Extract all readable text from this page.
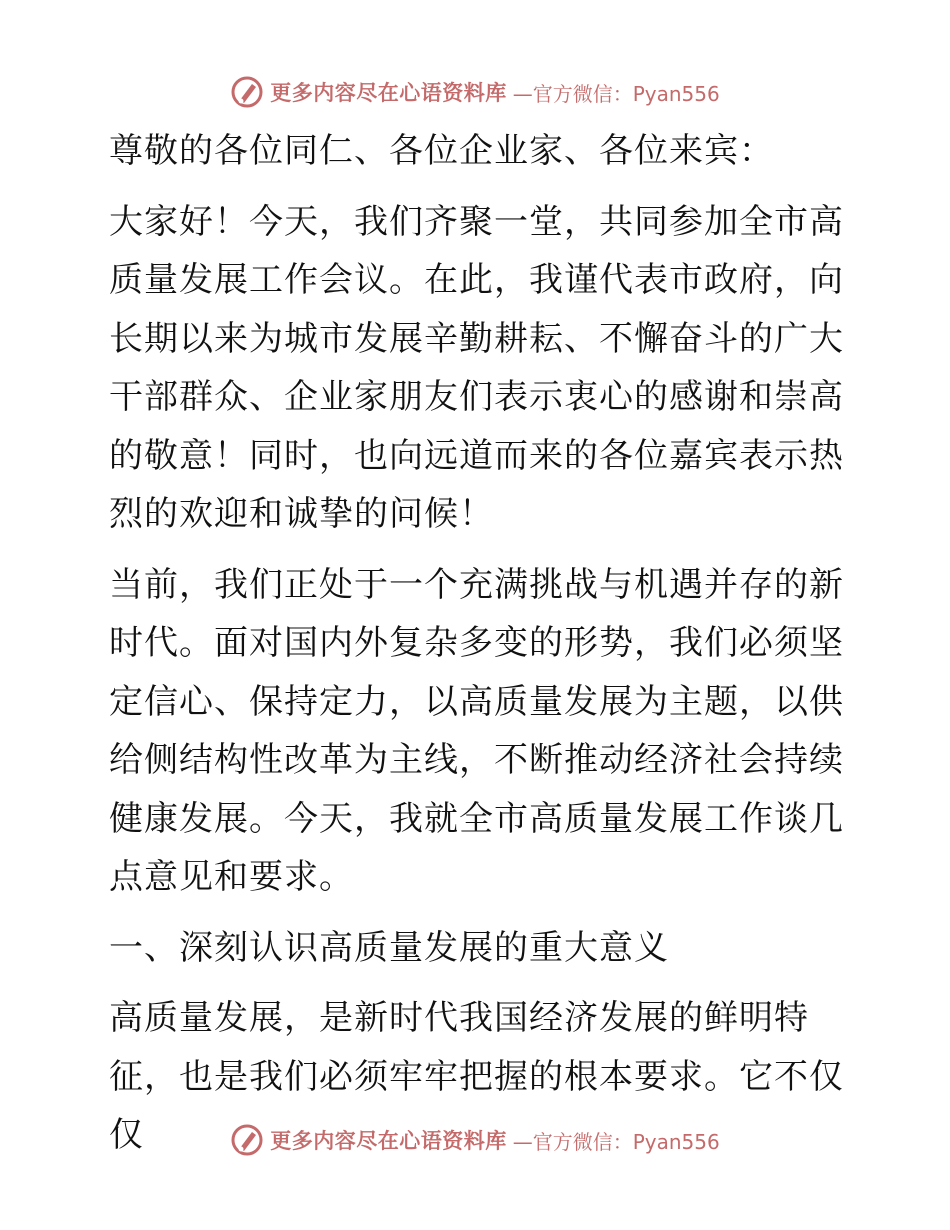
更多内容尽在心语资料库 —官方微信：Pyan556

尊敬的各位同仁、各位企业家、各位来宾：

大家好！今天，我们齐聚一堂，共同参加全市高质量发展工作会议。在此，我谨代表市政府，向长期以来为城市发展辛勤耕耘、不懈奋斗的广大干部群众、企业家朋友们表示衷心的感谢和崇高的敬意！同时，也向远道而来的各位嘉宾表示热烈的欢迎和诚挚的问候！

当前，我们正处于一个充满挑战与机遇并存的新时代。面对国内外复杂多变的形势，我们必须坚定信心、保持定力，以高质量发展为主题，以供给侧结构性改革为主线，不断推动经济社会持续健康发展。今天，我就全市高质量发展工作谈几点意见和要求。

一、深刻认识高质量发展的重大意义

高质量发展，是新时代我国经济发展的鲜明特征，也是我们必须牢牢把握的根本要求。它不仅仅	更多内容尽在心语资料库 —官方微信：Pyan556
